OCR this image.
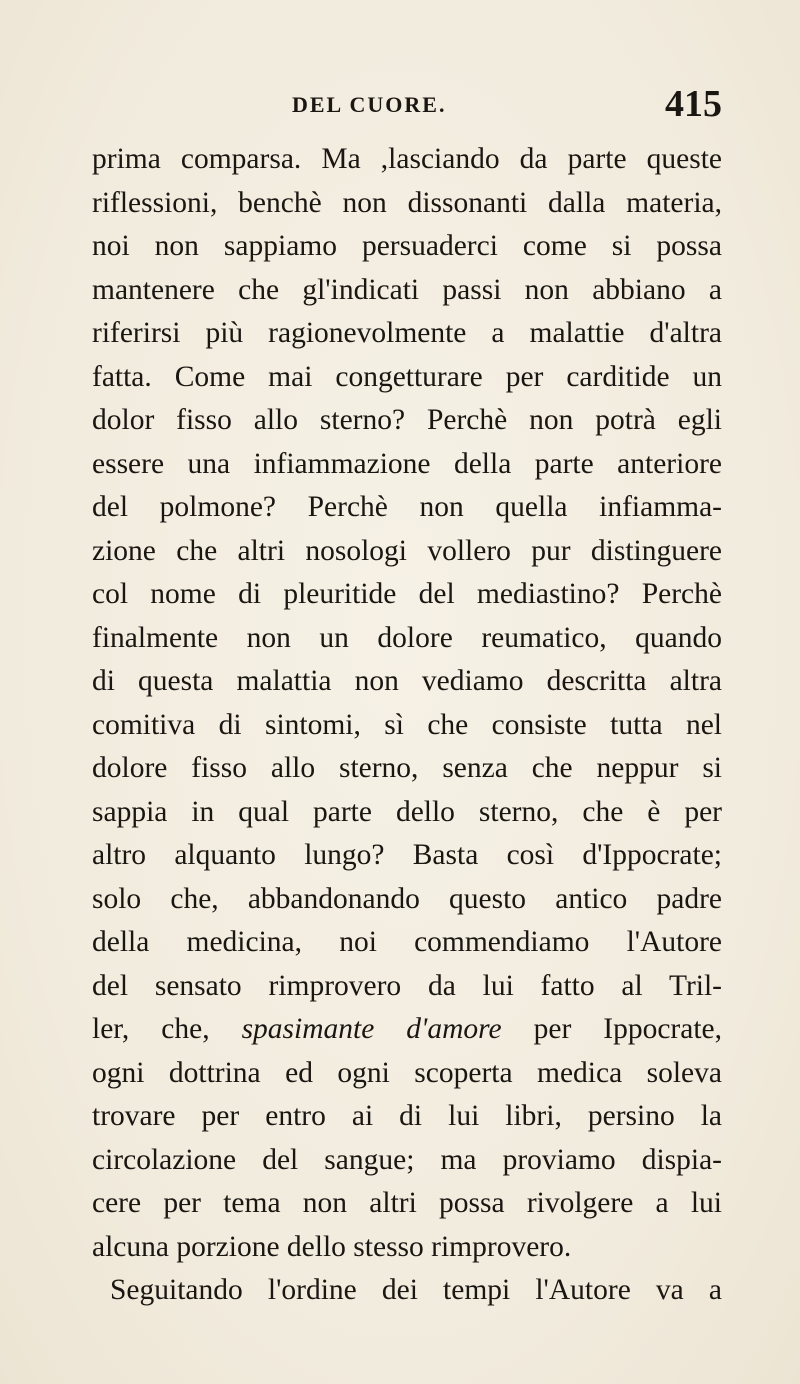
DEL CUORE.	415
prima comparsa. Ma ,lasciando da parte queste
riflessioni, benchè non dissonanti dalla materia,
noi non sappiamo persuaderci come si possa
mantenere che gl'indicati passi non abbiano a
riferirsi più ragionevolmente a malattie d'altra
fatta. Come mai congetturare per carditide un
dolor fisso allo sterno? Perchè non potrà egli
essere una infiammazione della parte anteriore
del polmone? Perchè non quella infiamma-
zione che altri nosologi vollero pur distinguere
col nome di pleuritide del mediastino? Perchè
finalmente non un dolore reumatico, quando
di questa malattia non vediamo descritta altra
comitiva di sintomi, sì che consiste tutta nel
dolore fisso allo sterno, senza che neppur si
sappia in qual parte dello sterno, che è per
altro alquanto lungo? Basta così d'Ippocrate;
solo che, abbandonando questo antico padre
della medicina, noi commendiamo l'Autore
del sensato rimprovero da lui fatto al Tril-
ler, che, spasimante d'amore per Ippocrate,
ogni dottrina ed ogni scoperta medica soleva
trovare per entro ai di lui libri, persino la
circolazione del sangue; ma proviamo dispia-
cere per tema non altri possa rivolgere a lui
alcuna porzione dello stesso rimprovero.
Seguitando l'ordine dei tempi l'Autore va a
